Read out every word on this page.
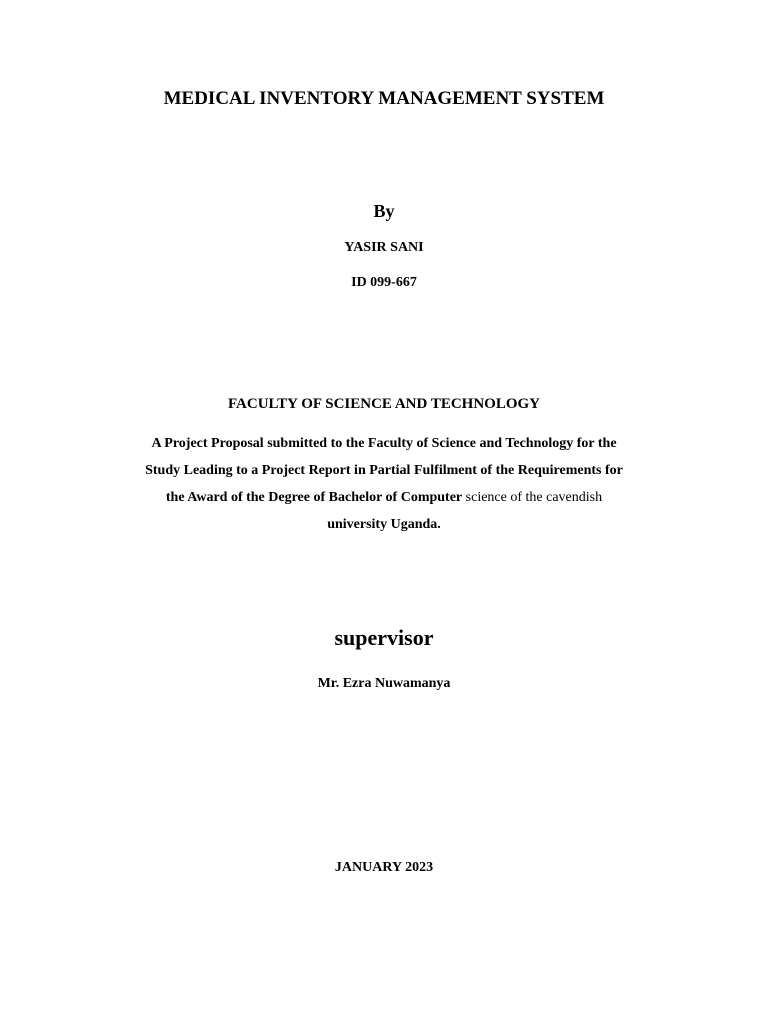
MEDICAL INVENTORY MANAGEMENT SYSTEM
By
YASIR SANI
ID 099-667
FACULTY OF SCIENCE AND TECHNOLOGY
A Project Proposal submitted to the Faculty of Science and Technology for the
Study Leading to a Project Report in Partial Fulfilment of the Requirements for
the Award of the Degree of Bachelor of Computer science of the cavendish
university Uganda.
supervisor
Mr. Ezra Nuwamanya
JANUARY 2023
